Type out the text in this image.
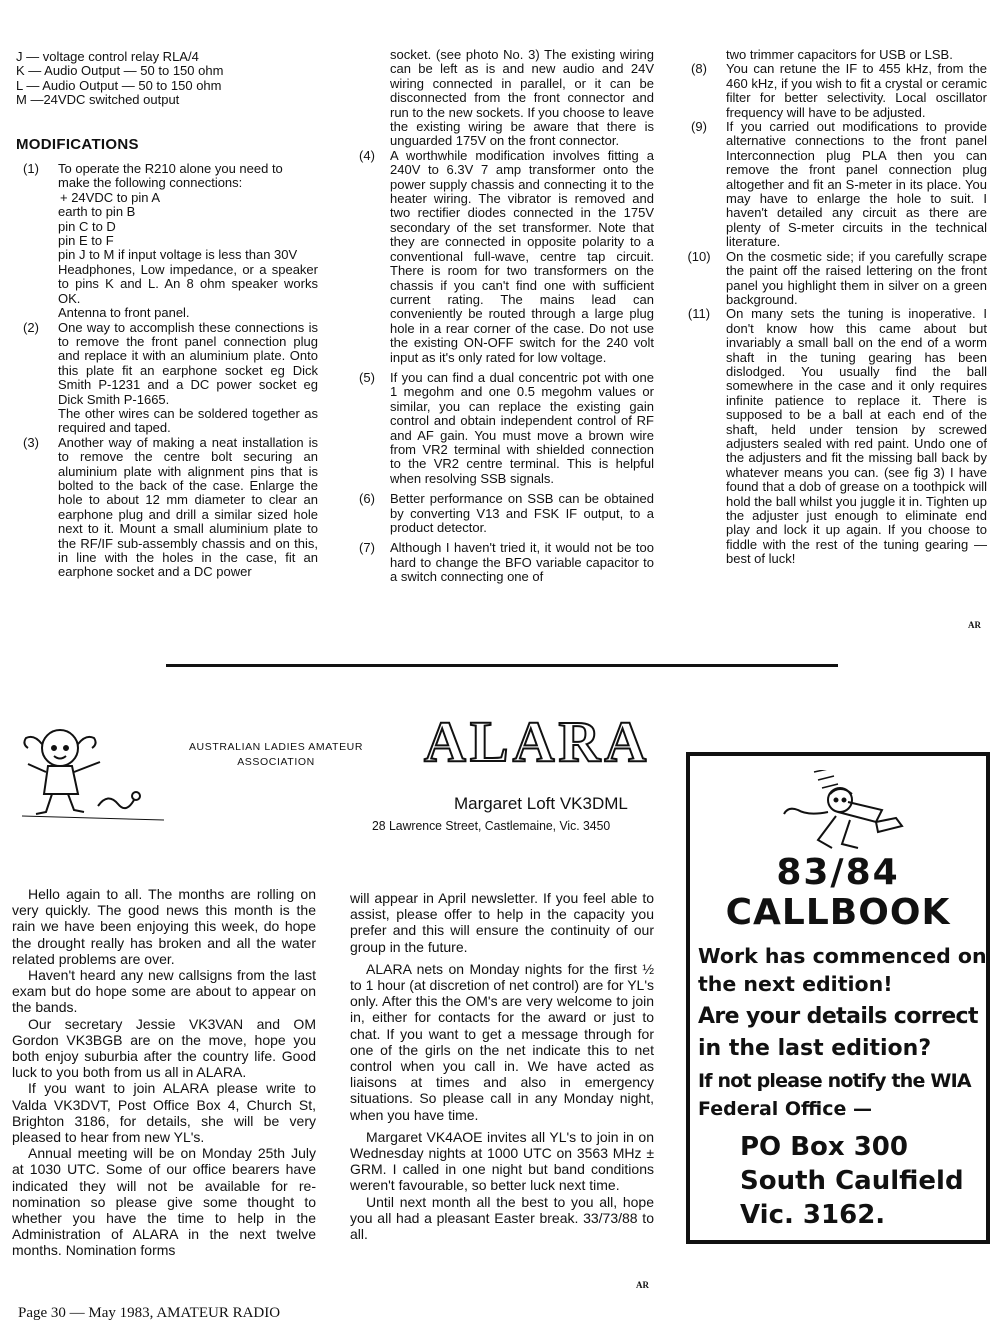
J — voltage control relay RLA/4

K — Audio Output — 50 to 150 ohm

L — Audio Output — 50 to 150 ohm

M —24VDC switched output

MODIFICATIONS
(1)	To operate the R210 alone you need to make the following connections:

+ 24VDC to pin A

earth to pin B

pin C to D

pin E to F

pin J to M if input voltage is less than 30V

Headphones, Low impedance, or a speaker to pins K and L. An 8 ohm speaker works OK.

Antenna to front panel.

(2)	One way to accomplish these connections is to remove the front panel connection plug and replace it with an aluminium plate. Onto this plate fit an earphone socket eg Dick Smith P-1231 and a DC power socket eg Dick Smith P-1665.

The other wires can be soldered together as required and taped.

(3)	Another way of making a neat installation is to remove the centre bolt securing an aluminium plate with alignment pins that is bolted to the back of the case. Enlarge the hole to about 12 mm diameter to clear an earphone plug and drill a similar sized hole next to it. Mount a small aluminium plate to the RF/IF sub-assembly chassis and on this, in line with the holes in the case, fit an earphone socket and a DC power

socket. (see photo No. 3) The existing wiring can be left as is and new audio and 24V wiring connected in parallel, or it can be disconnected from the front connector and run to the new sockets. If you choose to leave the existing wiring be aware that there is unguarded 175V on the front connector.

(4)	A worthwhile modification involves fitting a 240V to 6.3V 7 amp transformer onto the power supply chassis and connecting it to the heater wiring. The vibrator is removed and two rectifier diodes connected in the 175V secondary of the set transformer. Note that they are connected in opposite polarity to a conventional full-wave, centre tap circuit. There is room for two transformers on the chassis if you can't find one with sufficient current rating. The mains lead can conveniently be routed through a large plug hole in a rear corner of the case. Do not use the existing ON-OFF switch for the 240 volt input as it's only rated for low voltage.

(5)	If you can find a dual concentric pot with one 1 megohm and one 0.5 megohm values or similar, you can replace the existing gain control and obtain independent control of RF and AF gain. You must move a brown wire from VR2 terminal with shielded connection to the VR2 centre terminal. This is helpful when resolving SSB signals.

(6)	Better performance on SSB can be obtained by converting V13 and FSK IF output, to a product detector.

(7)	Although I haven't tried it, it would not be too hard to change the BFO variable capacitor to a switch connecting one of

two trimmer capacitors for USB or LSB.

(8)	You can retune the IF to 455 kHz, from the 460 kHz, if you wish to fit a crystal or ceramic filter for better selectivity. Local oscillator frequency will have to be adjusted.

(9)	If you carried out modifications to provide alternative connections to the front panel Interconnection plug PLA then you can remove the front panel connection plug altogether and fit an S-meter in its place. You may have to enlarge the hole to suit. I haven't detailed any circuit as there are plenty of S-meter circuits in the technical literature.

(10) On the cosmetic side; if you carefully scrape the paint off the raised lettering on the front panel you highlight them in silver on a green background.

(11)	On many sets the tuning is inoperative. I don't know how this came about but invariably a small ball on the end of a worm shaft in the tuning gearing has been dislodged. You usually find the ball somewhere in the case and it only requires infinite patience to replace it. There is supposed to be a ball at each end of the shaft, held under tension by screwed adjusters sealed with red paint. Undo one of the adjusters and fit the missing ball back by whatever means you can. (see fig 3) I have found that a dob of grease on a toothpick will hold the ball whilst you juggle it in. Tighten up the adjuster just enough to eliminate end play and lock it up again. If you choose to fiddle with the rest of the tuning gearing — best of luck!

AR
AUSTRALIAN LADIES AMATEUR
ASSOCIATION	ALARA
Margaret Loft VK3DML
28 Lawrence Street, Castlemaine, Vic. 3450

Hello again to all. The months are rolling on very quickly. The good news this month is the rain we have been enjoying this week, do hope the drought really has broken and all the water related problems are over.

Haven't heard any new callsigns from the last exam but do hope some are about to appear on the bands.

Our secretary Jessie VK3VAN and OM Gordon VK3BGB are on the move, hope you both enjoy suburbia after the country life. Good luck to you both from us all in ALARA.

If you want to join ALARA please write to Valda VK3DVT, Post Office Box 4, Church St, Brighton 3186, for details, she will be very pleased to hear from new YL's.

Annual meeting will be on Monday 25th July at 1030 UTC. Some of our office bearers have indicated they will not be available for re-nomination so please give some thought to whether you have the time to help in the Administration of ALARA in the next twelve months. Nomination forms

will appear in April newsletter. If you feel able to assist, please offer to help in the capacity you prefer and this will ensure the continuity of our group in the future.

ALARA nets on Monday nights for the first ½ to 1 hour (at discretion of net control) are for YL's only. After this the OM's are very welcome to join in, either for contacts for the award or just to chat. If you want to get a message through for one of the girls on the net indicate this to net control when you call in. We have acted as liaisons at times and also in emergency situations. So please call in any Monday night, when you have time.

Margaret VK4AOE invites all YL's to join in on Wednesday nights at 1000 UTC on 3563 MHz ± GRM. I called in one night but band conditions weren't favourable, so better luck next time.

Until next month all the best to you all, hope you all had a pleasant Easter break. 33/73/88 to all.

AR
83/84
CALLBOOK
Work has commenced on
the next edition!
Are your details correct
in the last edition?
If not please notify the WIA
Federal Office —
PO Box 300
South Caulfield
Vic. 3162.
Page 30 — May 1983, AMATEUR RADIO
